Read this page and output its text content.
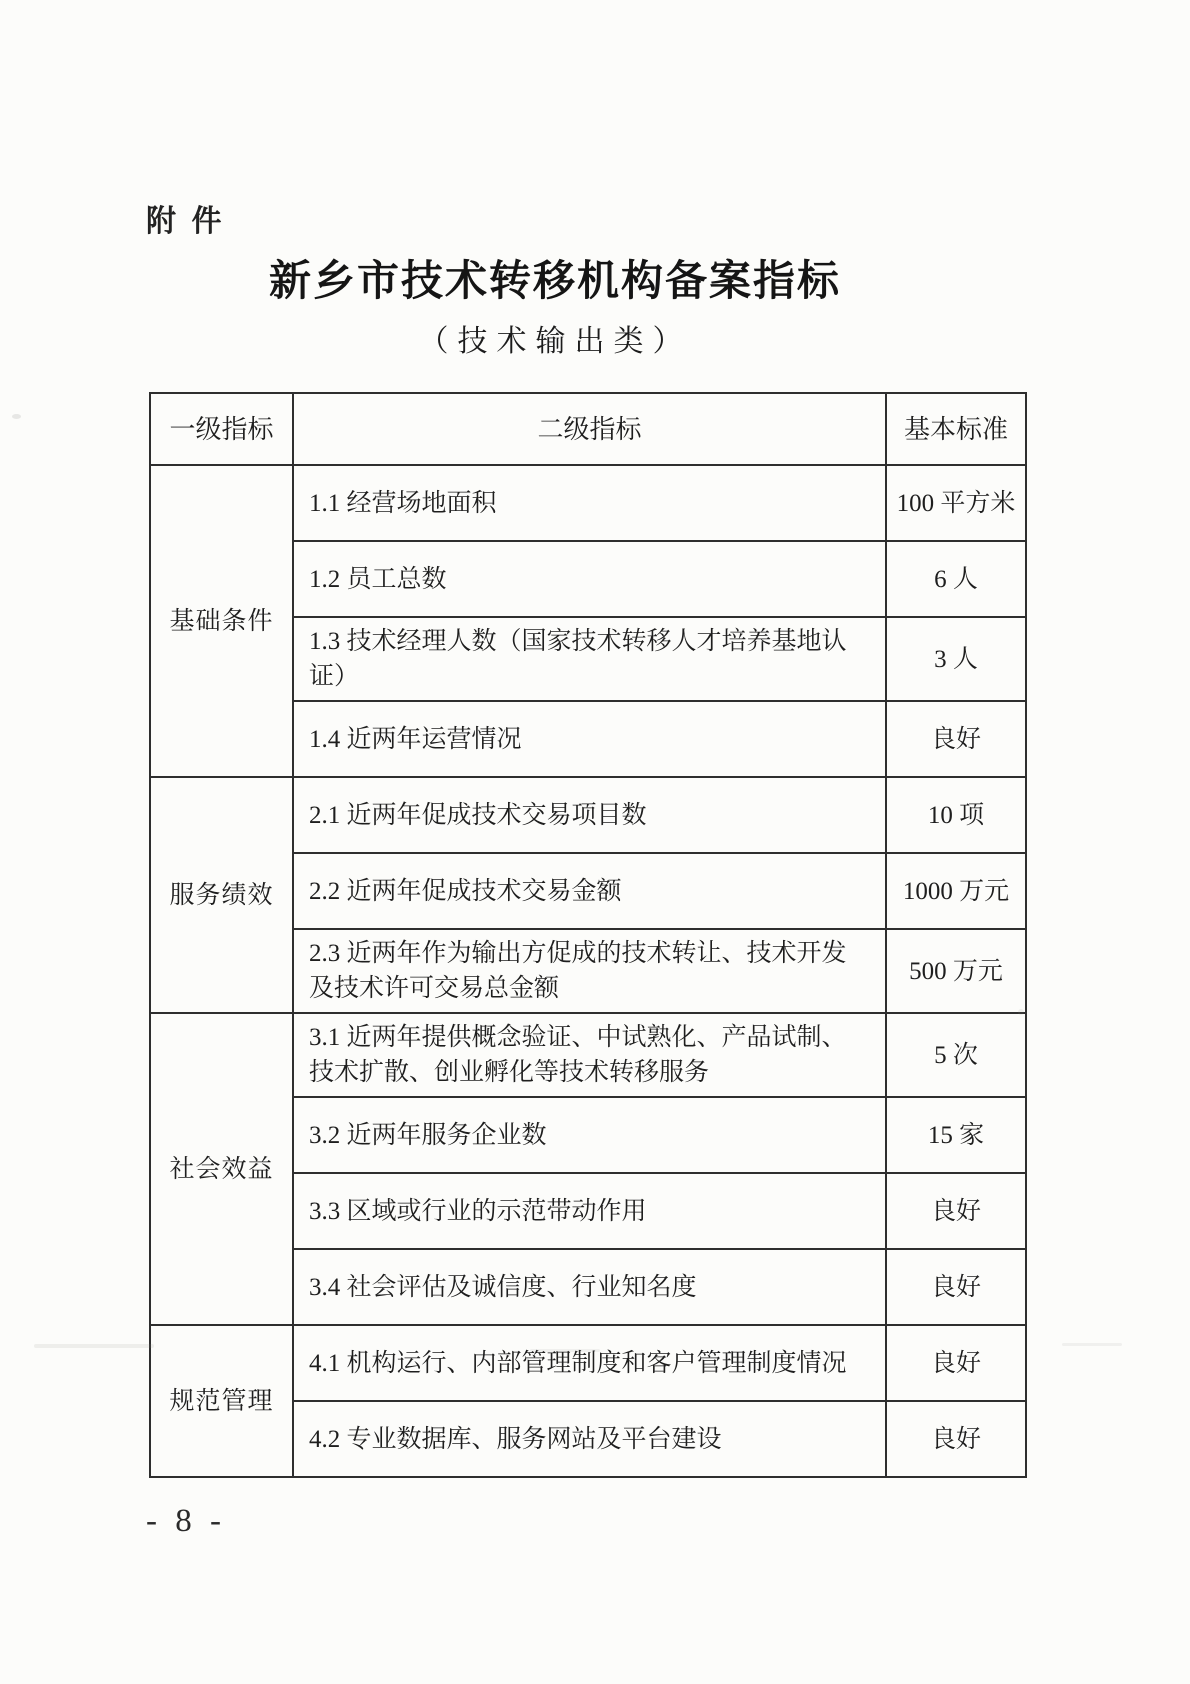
附 件
新乡市技术转移机构备案指标
（技术输出类）
一级指标	二级指标	基本标准
基础条件	1.1 经营场地面积	100 平方米
	1.2 员工总数	6 人
	1.3 技术经理人数（国家技术转移人才培养基地认证）	3 人
	1.4 近两年运营情况	良好
服务绩效	2.1 近两年促成技术交易项目数	10 项
	2.2 近两年促成技术交易金额	1000 万元
	2.3 近两年作为输出方促成的技术转让、技术开发及技术许可交易总金额	500 万元
社会效益	3.1 近两年提供概念验证、中试熟化、产品试制、技术扩散、创业孵化等技术转移服务	5 次
	3.2 近两年服务企业数	15 家
	3.3 区域或行业的示范带动作用	良好
	3.4 社会评估及诚信度、行业知名度	良好
规范管理	4.1 机构运行、内部管理制度和客户管理制度情况	良好
	4.2 专业数据库、服务网站及平台建设	良好
- 8 -
